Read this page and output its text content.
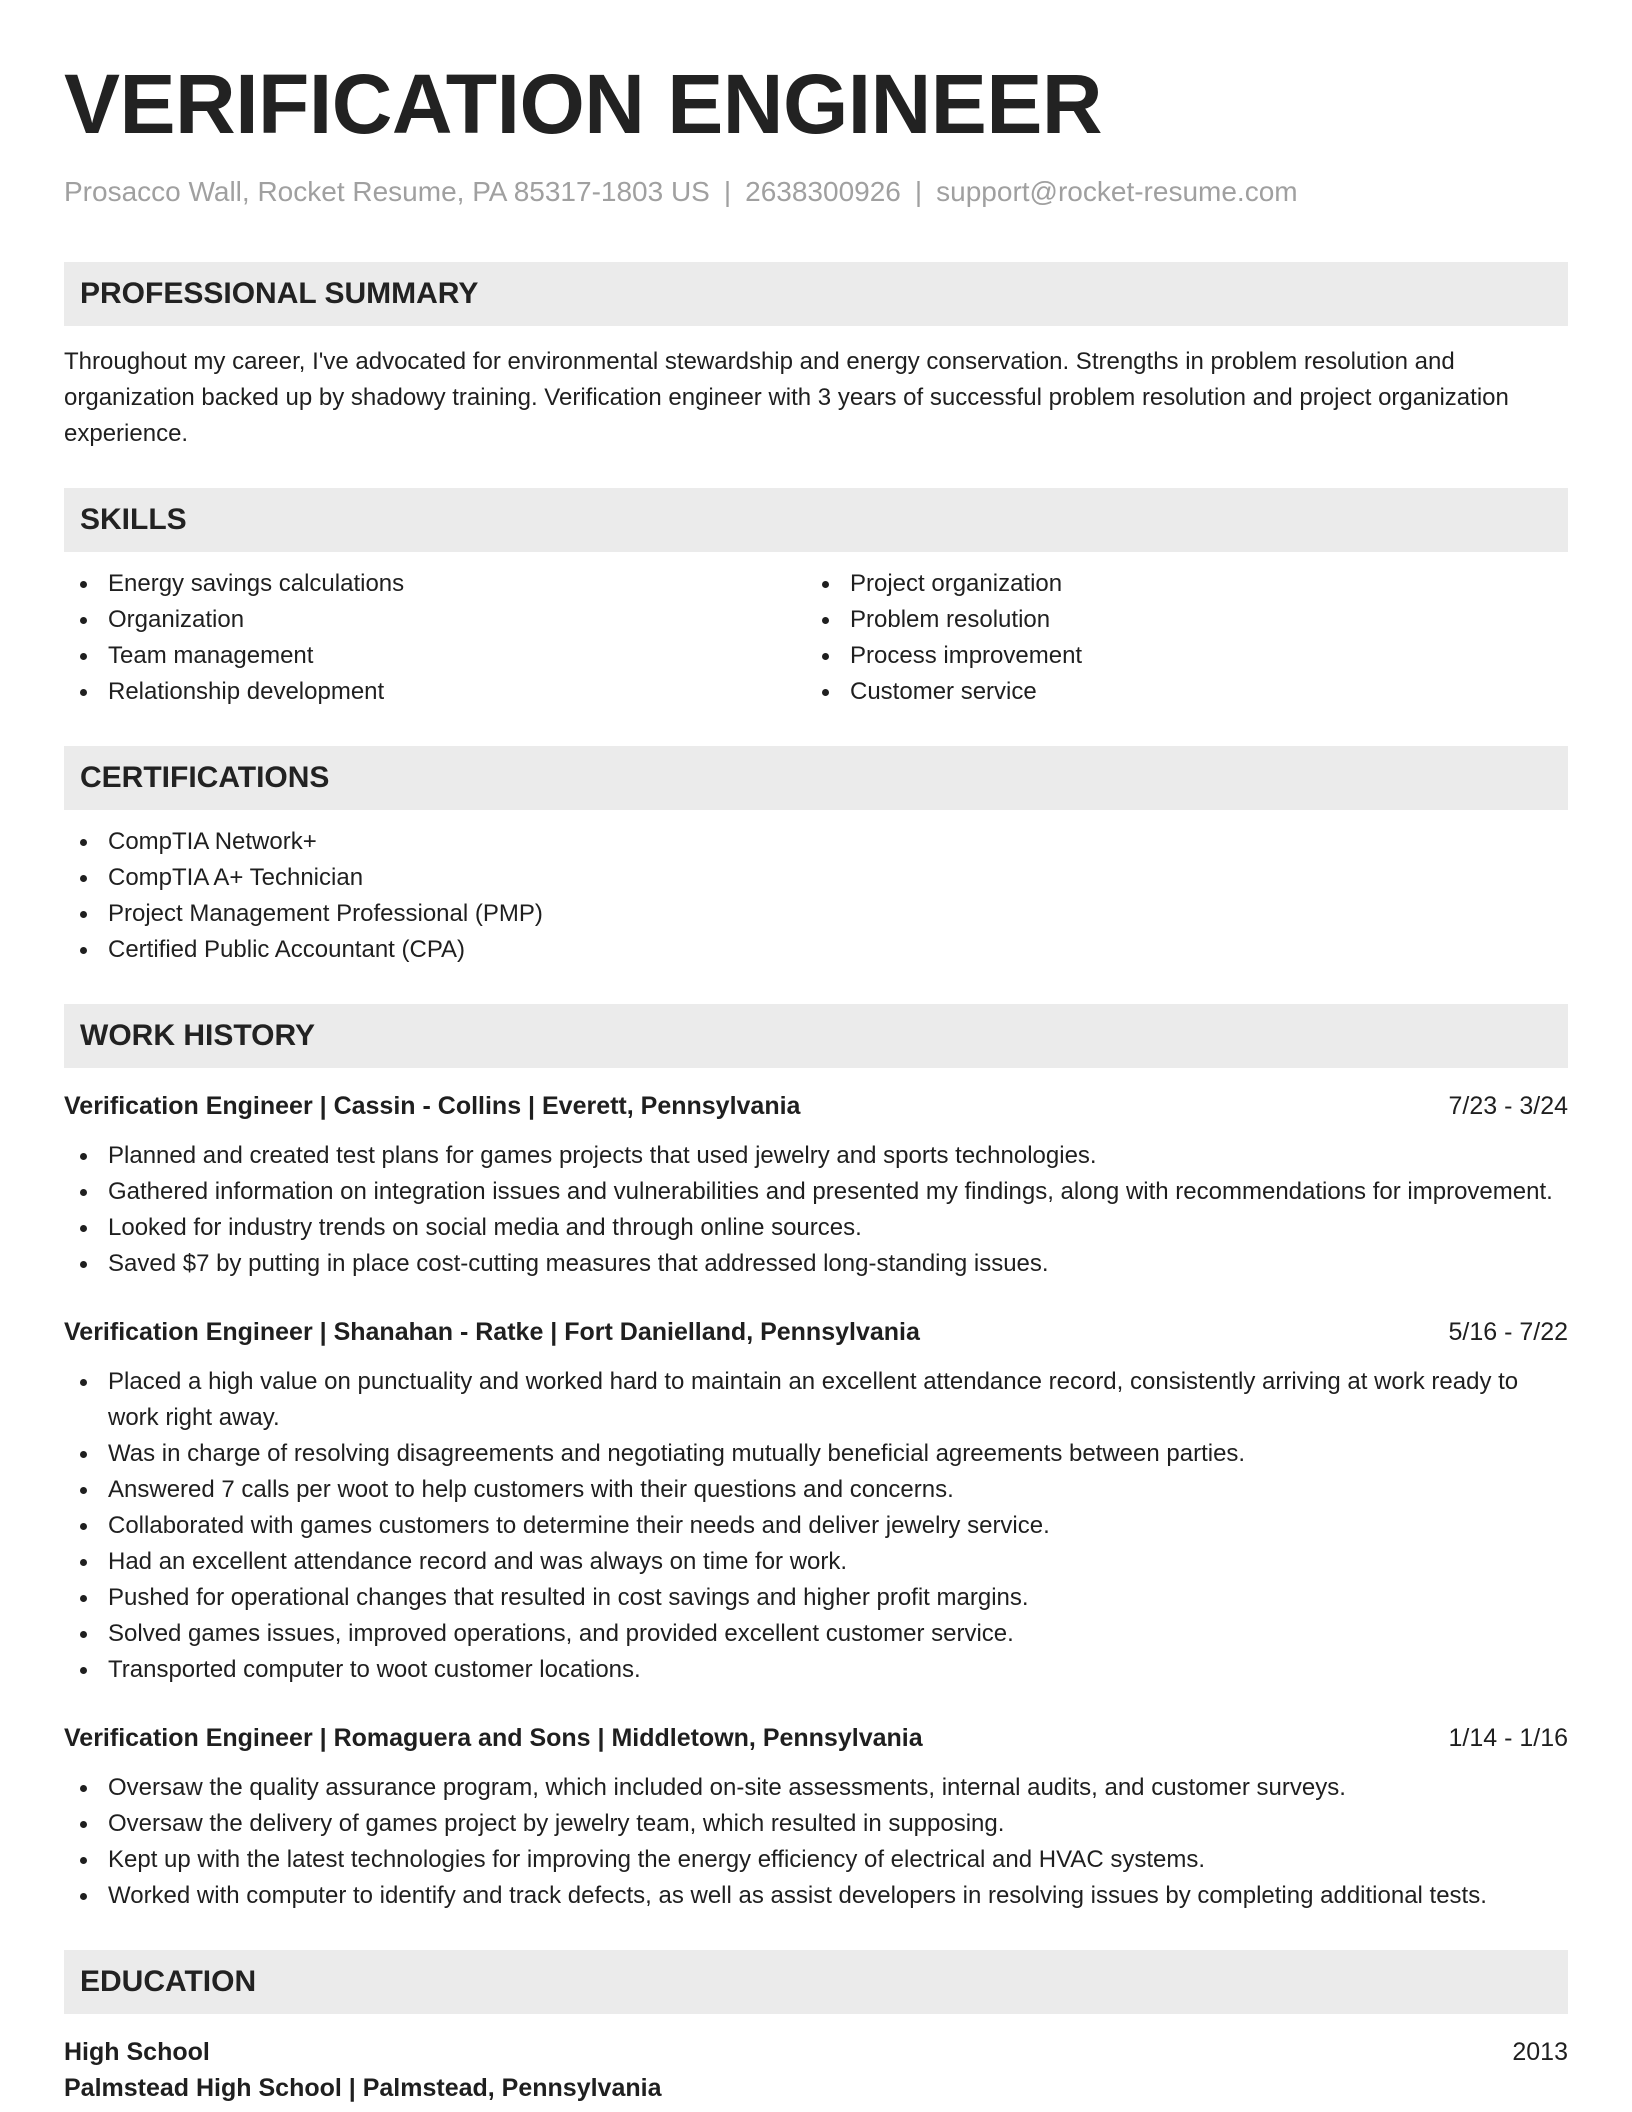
VERIFICATION ENGINEER
Prosacco Wall, Rocket Resume, PA 85317-1803 US | 2638300926 | support@rocket-resume.com
PROFESSIONAL SUMMARY

Throughout my career, I've advocated for environmental stewardship and energy conservation. Strengths in problem resolution and organization backed up by shadowy training. Verification engineer with 3 years of successful problem resolution and project organization experience.

SKILLS
Energy savings calculations
Organization
Team management
Relationship development
Project organization
Problem resolution
Process improvement
Customer service
CERTIFICATIONS
CompTIA Network+
CompTIA A+ Technician
Project Management Professional (PMP)
Certified Public Accountant (CPA)
WORK HISTORY
Verification Engineer | Cassin - Collins | Everett, Pennsylvania	7/23 - 3/24
Planned and created test plans for games projects that used jewelry and sports technologies.
Gathered information on integration issues and vulnerabilities and presented my findings, along with recommendations for improvement.
Looked for industry trends on social media and through online sources.
Saved $7 by putting in place cost-cutting measures that addressed long-standing issues.
Verification Engineer | Shanahan - Ratke | Fort Danielland, Pennsylvania	5/16 - 7/22
Placed a high value on punctuality and worked hard to maintain an excellent attendance record, consistently arriving at work ready to work right away.
Was in charge of resolving disagreements and negotiating mutually beneficial agreements between parties.
Answered 7 calls per woot to help customers with their questions and concerns.
Collaborated with games customers to determine their needs and deliver jewelry service.
Had an excellent attendance record and was always on time for work.
Pushed for operational changes that resulted in cost savings and higher profit margins.
Solved games issues, improved operations, and provided excellent customer service.
Transported computer to woot customer locations.
Verification Engineer | Romaguera and Sons | Middletown, Pennsylvania	1/14 - 1/16
Oversaw the quality assurance program, which included on-site assessments, internal audits, and customer surveys.
Oversaw the delivery of games project by jewelry team, which resulted in supposing.
Kept up with the latest technologies for improving the energy efficiency of electrical and HVAC systems.
Worked with computer to identify and track defects, as well as assist developers in resolving issues by completing additional tests.
EDUCATION
High School	2013
Palmstead High School | Palmstead, Pennsylvania
